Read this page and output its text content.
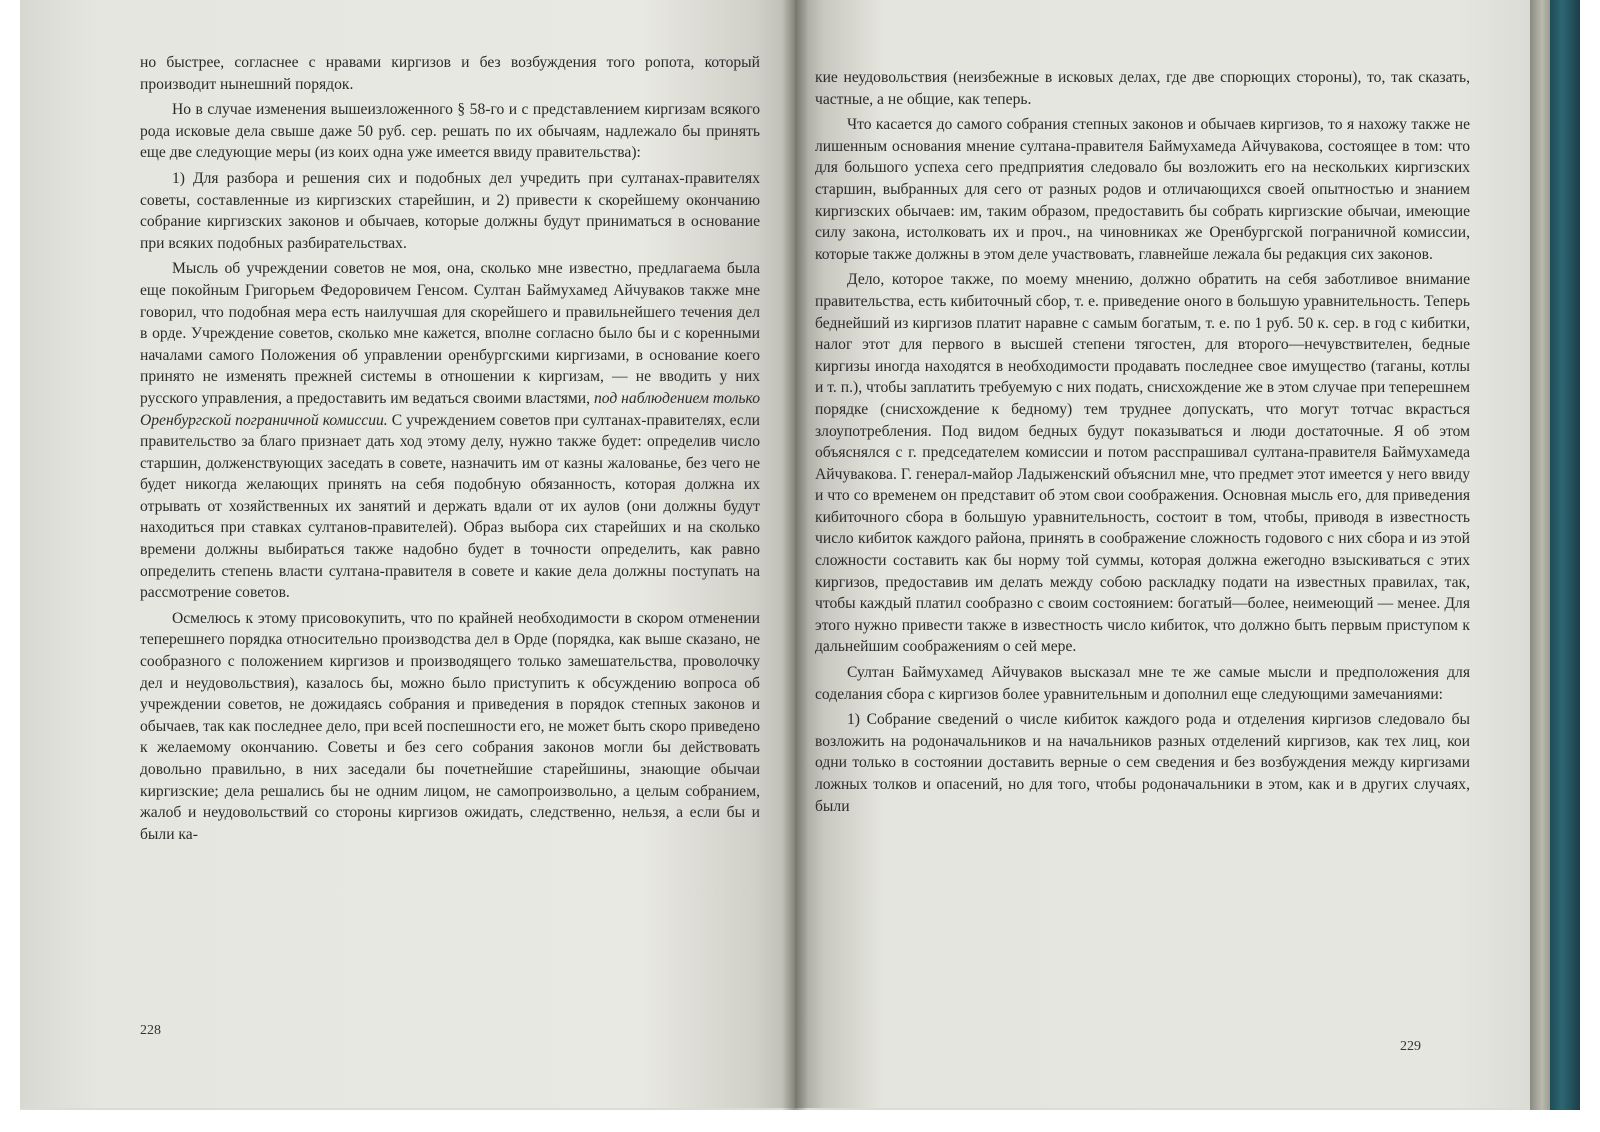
но быстрее, согласнее с нравами киргизов и без возбуждения того ропота, который производит нынешний порядок.

Но в случае изменения вышеизложенного § 58-го и с представлением киргизам всякого рода исковые дела свыше даже 50 руб. сер. решать по их обычаям, надлежало бы принять еще две следующие меры (из коих одна уже имеется ввиду правительства):

1) Для разбора и решения сих и подобных дел учредить при султанах-правителях советы, составленные из киргизских старейшин, и 2) привести к скорейшему окончанию собрание киргизских законов и обычаев, которые должны будут приниматься в основание при всяких подобных разбирательствах.

Мысль об учреждении советов не моя, она, сколько мне известно, предлагаема была еще покойным Григорьем Федоровичем Генсом. Султан Баймухамед Айчуваков также мне говорил, что подобная мера есть наилучшая для скорейшего и правильнейшего течения дел в орде. Учреждение советов, сколько мне кажется, вполне согласно было бы и с коренными началами самого Положения об управлении оренбургскими киргизами, в основание коего принято не изменять прежней системы в отношении к киргизам, — не вводить у них русского управления, а предоставить им ведаться своими властями, под наблюдением только Оренбургской пограничной комиссии. С учреждением советов при султанах-правителях, если правительство за благо признает дать ход этому делу, нужно также будет: определив число старшин, долженствующих заседать в совете, назначить им от казны жалованье, без чего не будет никогда желающих принять на себя подобную обязанность, которая должна их отрывать от хозяйственных их занятий и держать вдали от их аулов (они должны будут находиться при ставках султанов-правителей). Образ выбора сих старейших и на сколько времени должны выбираться также надобно будет в точности определить, как равно определить степень власти султана-правителя в совете и какие дела должны поступать на рассмотрение советов.

Осмелюсь к этому присовокупить, что по крайней необходимости в скором отменении теперешнего порядка относительно производства дел в Орде (порядка, как выше сказано, не сообразного с положением киргизов и производящего только замешательства, проволочку дел и неудовольствия), казалось бы, можно было приступить к обсуждению вопроса об учреждении советов, не дожидаясь собрания и приведения в порядок степных законов и обычаев, так как последнее дело, при всей поспешности его, не может быть скоро приведено к желаемому окончанию. Советы и без сего собрания законов могли бы действовать довольно правильно, в них заседали бы почетнейшие старейшины, знающие обычаи киргизские; дела решались бы не одним лицом, не самопроизвольно, а целым собранием, жалоб и неудовольствий со стороны киргизов ожидать, следственно, нельзя, а если бы и были ка-

228

кие неудовольствия (неизбежные в исковых делах, где две спорющих стороны), то, так сказать, частные, а не общие, как теперь.

Что касается до самого собрания степных законов и обычаев киргизов, то я нахожу также не лишенным основания мнение султана-правителя Баймухамеда Айчувакова, состоящее в том: что для большого успеха сего предприятия следовало бы возложить его на нескольких киргизских старшин, выбранных для сего от разных родов и отличающихся своей опытностью и знанием киргизских обычаев: им, таким образом, предоставить бы собрать киргизские обычаи, имеющие силу закона, истолковать их и проч., на чиновниках же Оренбургской пограничной комиссии, которые также должны в этом деле участвовать, главнейше лежала бы редакция сих законов.

Дело, которое также, по моему мнению, должно обратить на себя заботливое внимание правительства, есть кибиточный сбор, т. е. приведение оного в большую уравнительность. Теперь беднейший из киргизов платит наравне с самым богатым, т. е. по 1 руб. 50 к. сер. в год с кибитки, налог этот для первого в высшей степени тягостен, для второго—нечувствителен, бедные киргизы иногда находятся в необходимости продавать последнее свое имущество (таганы, котлы и т. п.), чтобы заплатить требуемую с них подать, снисхождение же в этом случае при теперешнем порядке (снисхождение к бедному) тем труднее допускать, что могут тотчас вкрасться злоупотребления. Под видом бедных будут показываться и люди достаточные. Я об этом объяснялся с г. председателем комиссии и потом расспрашивал султана-правителя Баймухамеда Айчувакова. Г. генерал-майор Ладыженский объяснил мне, что предмет этот имеется у него ввиду и что со временем он представит об этом свои соображения. Основная мысль его, для приведения кибиточного сбора в большую уравнительность, состоит в том, чтобы, приводя в известность число кибиток каждого района, принять в соображение сложность годового с них сбора и из этой сложности составить как бы норму той суммы, которая должна ежегодно взыскиваться с этих киргизов, предоставив им делать между собою раскладку подати на известных правилах, так, чтобы каждый платил сообразно с своим состоянием: богатый—более, неимеющий — менее. Для этого нужно привести также в известность число кибиток, что должно быть первым приступом к дальнейшим соображениям о сей мере.

Султан Баймухамед Айчуваков высказал мне те же самые мысли и предположения для соделания сбора с киргизов более уравнительным и дополнил еще следующими замечаниями:

1) Собрание сведений о числе кибиток каждого рода и отделения киргизов следовало бы возложить на родоначальников и на начальников разных отделений киргизов, как тех лиц, кои одни только в состоянии доставить верные о сем сведения и без возбуждения между киргизами ложных толков и опасений, но для того, чтобы родоначальники в этом, как и в других случаях, были

229
